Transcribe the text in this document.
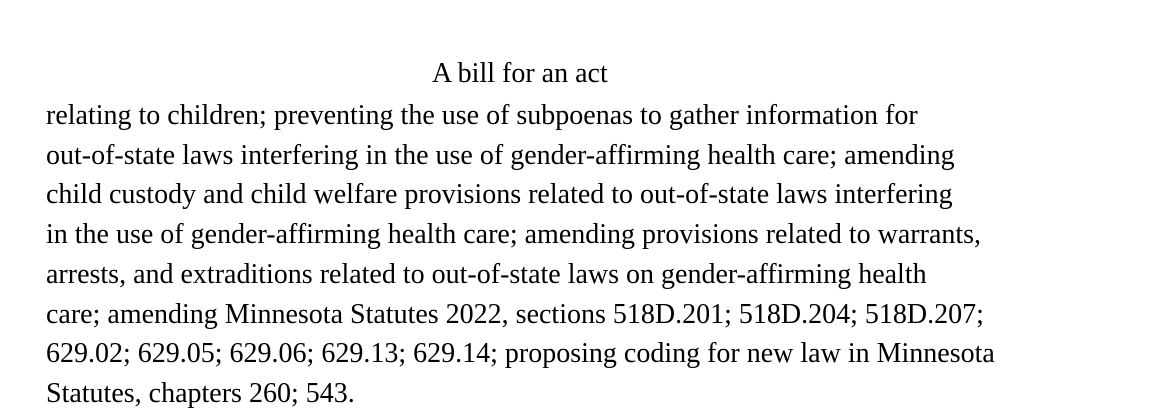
A bill for an act
relating to children; preventing the use of subpoenas to gather information for
out-of-state laws interfering in the use of gender-affirming health care; amending
child custody and child welfare provisions related to out-of-state laws interfering
in the use of gender-affirming health care; amending provisions related to warrants,
arrests, and extraditions related to out-of-state laws on gender-affirming health
care; amending Minnesota Statutes 2022, sections 518D.201; 518D.204; 518D.207;
629.02; 629.05; 629.06; 629.13; 629.14; proposing coding for new law in Minnesota
Statutes, chapters 260; 543.
